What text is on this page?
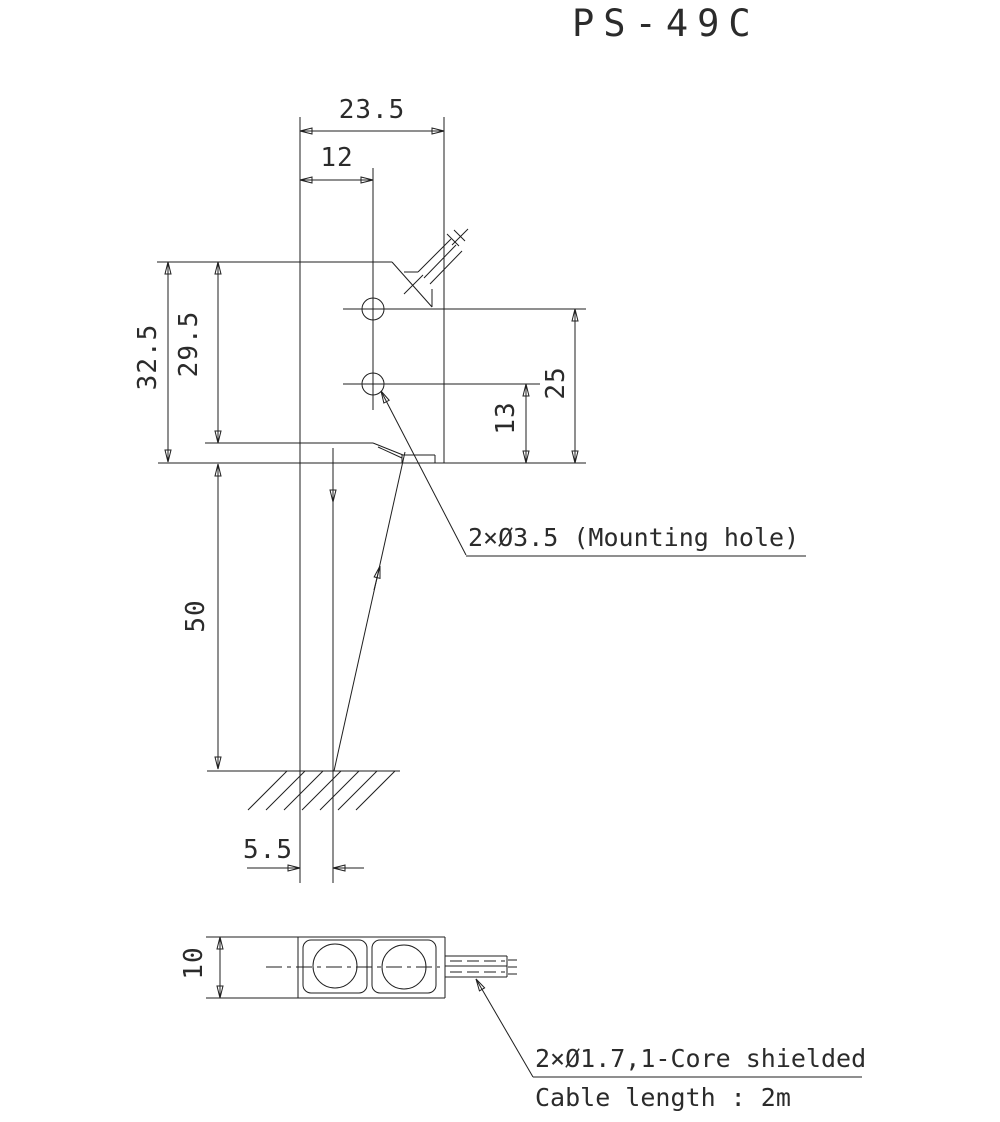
PS-49C
23.5
12
32.5 29.5
50
25
13
5.5
2×Ø3.5 (Mounting hole)
10
2×Ø1.7,1-Core shielded
Cable length : 2m
